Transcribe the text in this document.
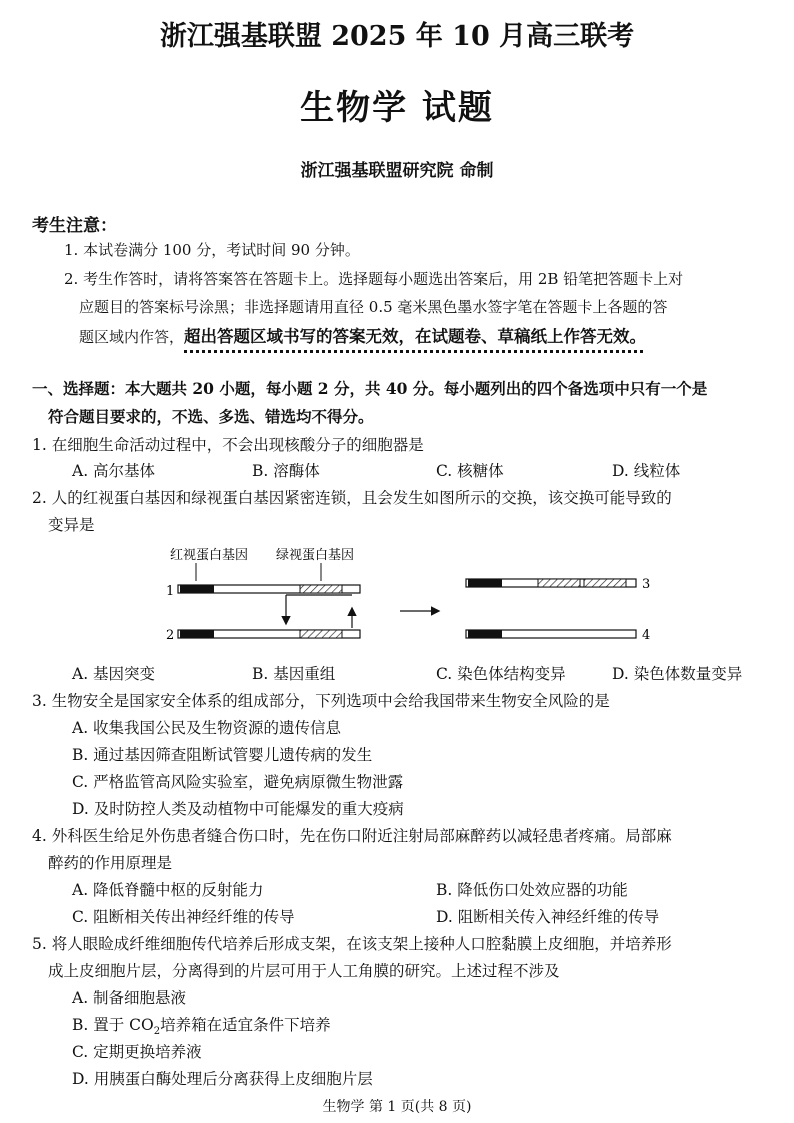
浙江强基联盟 2025 年 10 月高三联考
生物学 试题
浙江强基联盟研究院 命制
考生注意：
1. 本试卷满分 100 分，考试时间 90 分钟。
2. 考生作答时，请将答案答在答题卡上。选择题每小题选出答案后，用 2B 铅笔把答题卡上对
应题目的答案标号涂黑；非选择题请用直径 0.5 毫米黑色墨水签字笔在答题卡上各题的答
题区域内作答，超出答题区域书写的答案无效，在试题卷、草稿纸上作答无效。
一、选择题：本大题共 20 小题，每小题 2 分，共 40 分。每小题列出的四个备选项中只有一个是
符合题目要求的，不选、多选、错选均不得分。
1. 在细胞生命活动过程中，不会出现核酸分子的细胞器是
A. 高尔基体	B. 溶酶体	C. 核糖体	D. 线粒体
2. 人的红视蛋白基因和绿视蛋白基因紧密连锁，且会发生如图所示的交换，该交换可能导致的
变异是
红视蛋白基因 绿视蛋白基因
1
2
3
4
A. 基因突变	B. 基因重组	C. 染色体结构变异	D. 染色体数量变异
3. 生物安全是国家安全体系的组成部分，下列选项中会给我国带来生物安全风险的是
A. 收集我国公民及生物资源的遗传信息
B. 通过基因筛查阻断试管婴儿遗传病的发生
C. 严格监管高风险实验室，避免病原微生物泄露
D. 及时防控人类及动植物中可能爆发的重大疫病
4. 外科医生给足外伤患者缝合伤口时，先在伤口附近注射局部麻醉药以减轻患者疼痛。局部麻
醉药的作用原理是
A. 降低脊髓中枢的反射能力	B. 降低伤口处效应器的功能
C. 阻断相关传出神经纤维的传导	D. 阻断相关传入神经纤维的传导
5. 将人眼睑成纤维细胞传代培养后形成支架，在该支架上接种人口腔黏膜上皮细胞，并培养形
成上皮细胞片层，分离得到的片层可用于人工角膜的研究。上述过程不涉及
A. 制备细胞悬液
B. 置于 $CO_2$培养箱在适宜条件下培养
C. 定期更换培养液
D. 用胰蛋白酶处理后分离获得上皮细胞片层
生物学 第 1 页(共 8 页)
